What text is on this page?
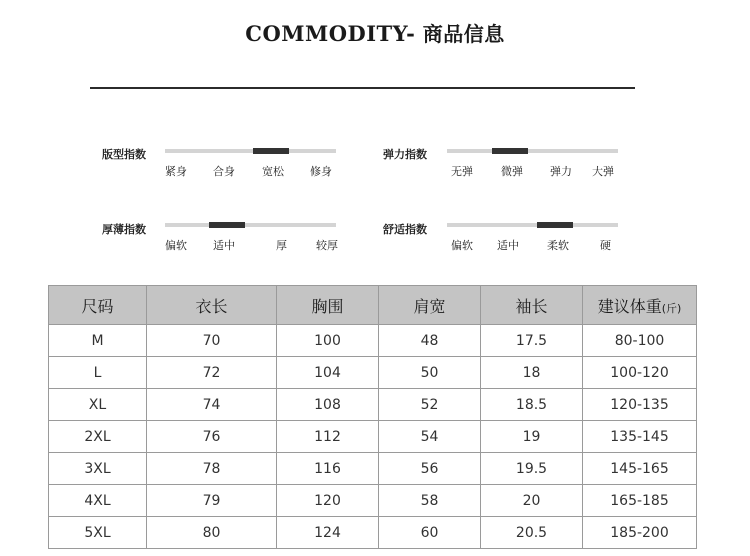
COMMODITY- 商品信息
版型指数
紧身 合身 宽松 修身
弹力指数
无弹	微弹 弹力 大弹
厚薄指数
偏软 适中	厚	较厚
舒适指数
偏软 适中	柔软	硬
尺码	衣长	胸围	肩宽	袖长	建议体重(斤)
M	70	100	48	17.5	80-100
L	72	104	50	18	100-120
XL	74	108	52	18.5	120-135
2XL	76	112	54	19	135-145
3XL	78	116	56	19.5	145-165
4XL	79	120	58	20	165-185
5XL	80	124	60	20.5	185-200
